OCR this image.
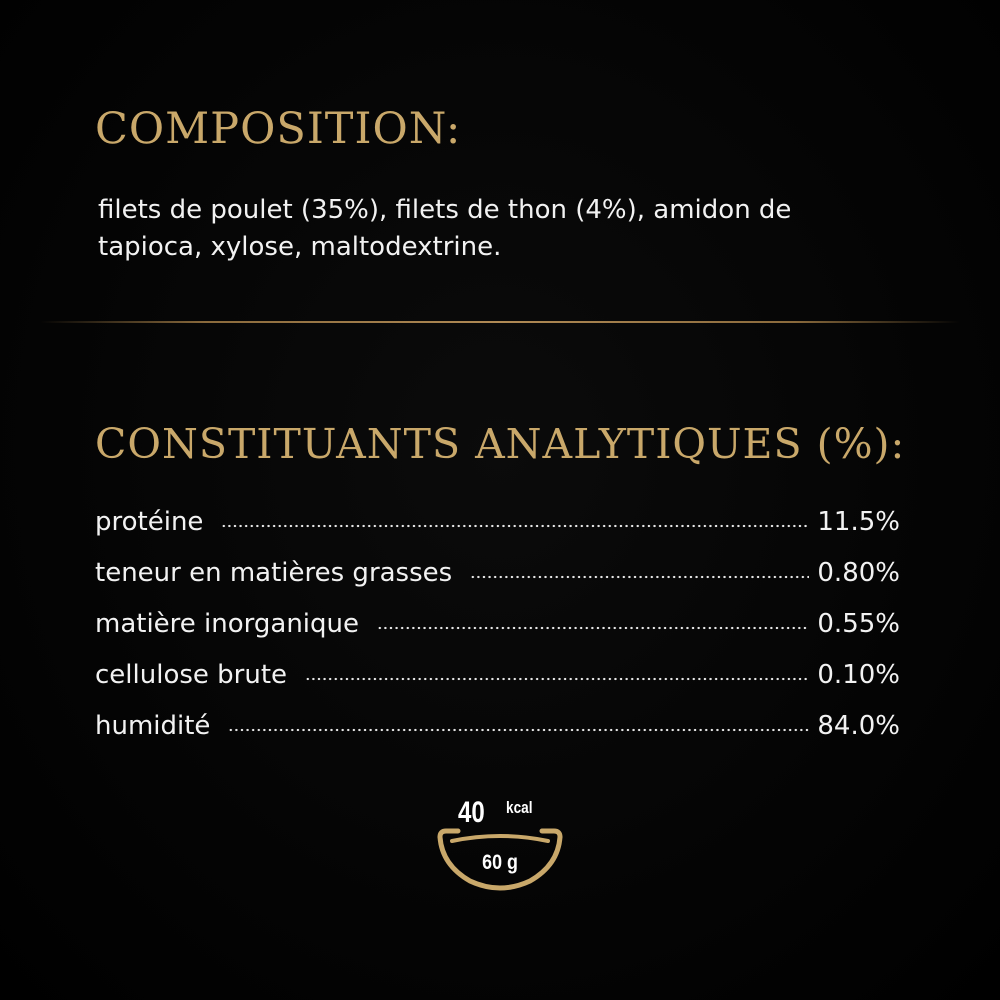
COMPOSITION:

filets de poulet (35%), filets de thon (4%), amidon de tapioca, xylose, maltodextrine.

CONSTITUANTS ANALYTIQUES (%):
protéine	11.5%
teneur en matières grasses	0.80%
matière inorganique	0.55%
cellulose brute	0.10%
humidité	84.0%
40 kcal
60 g
